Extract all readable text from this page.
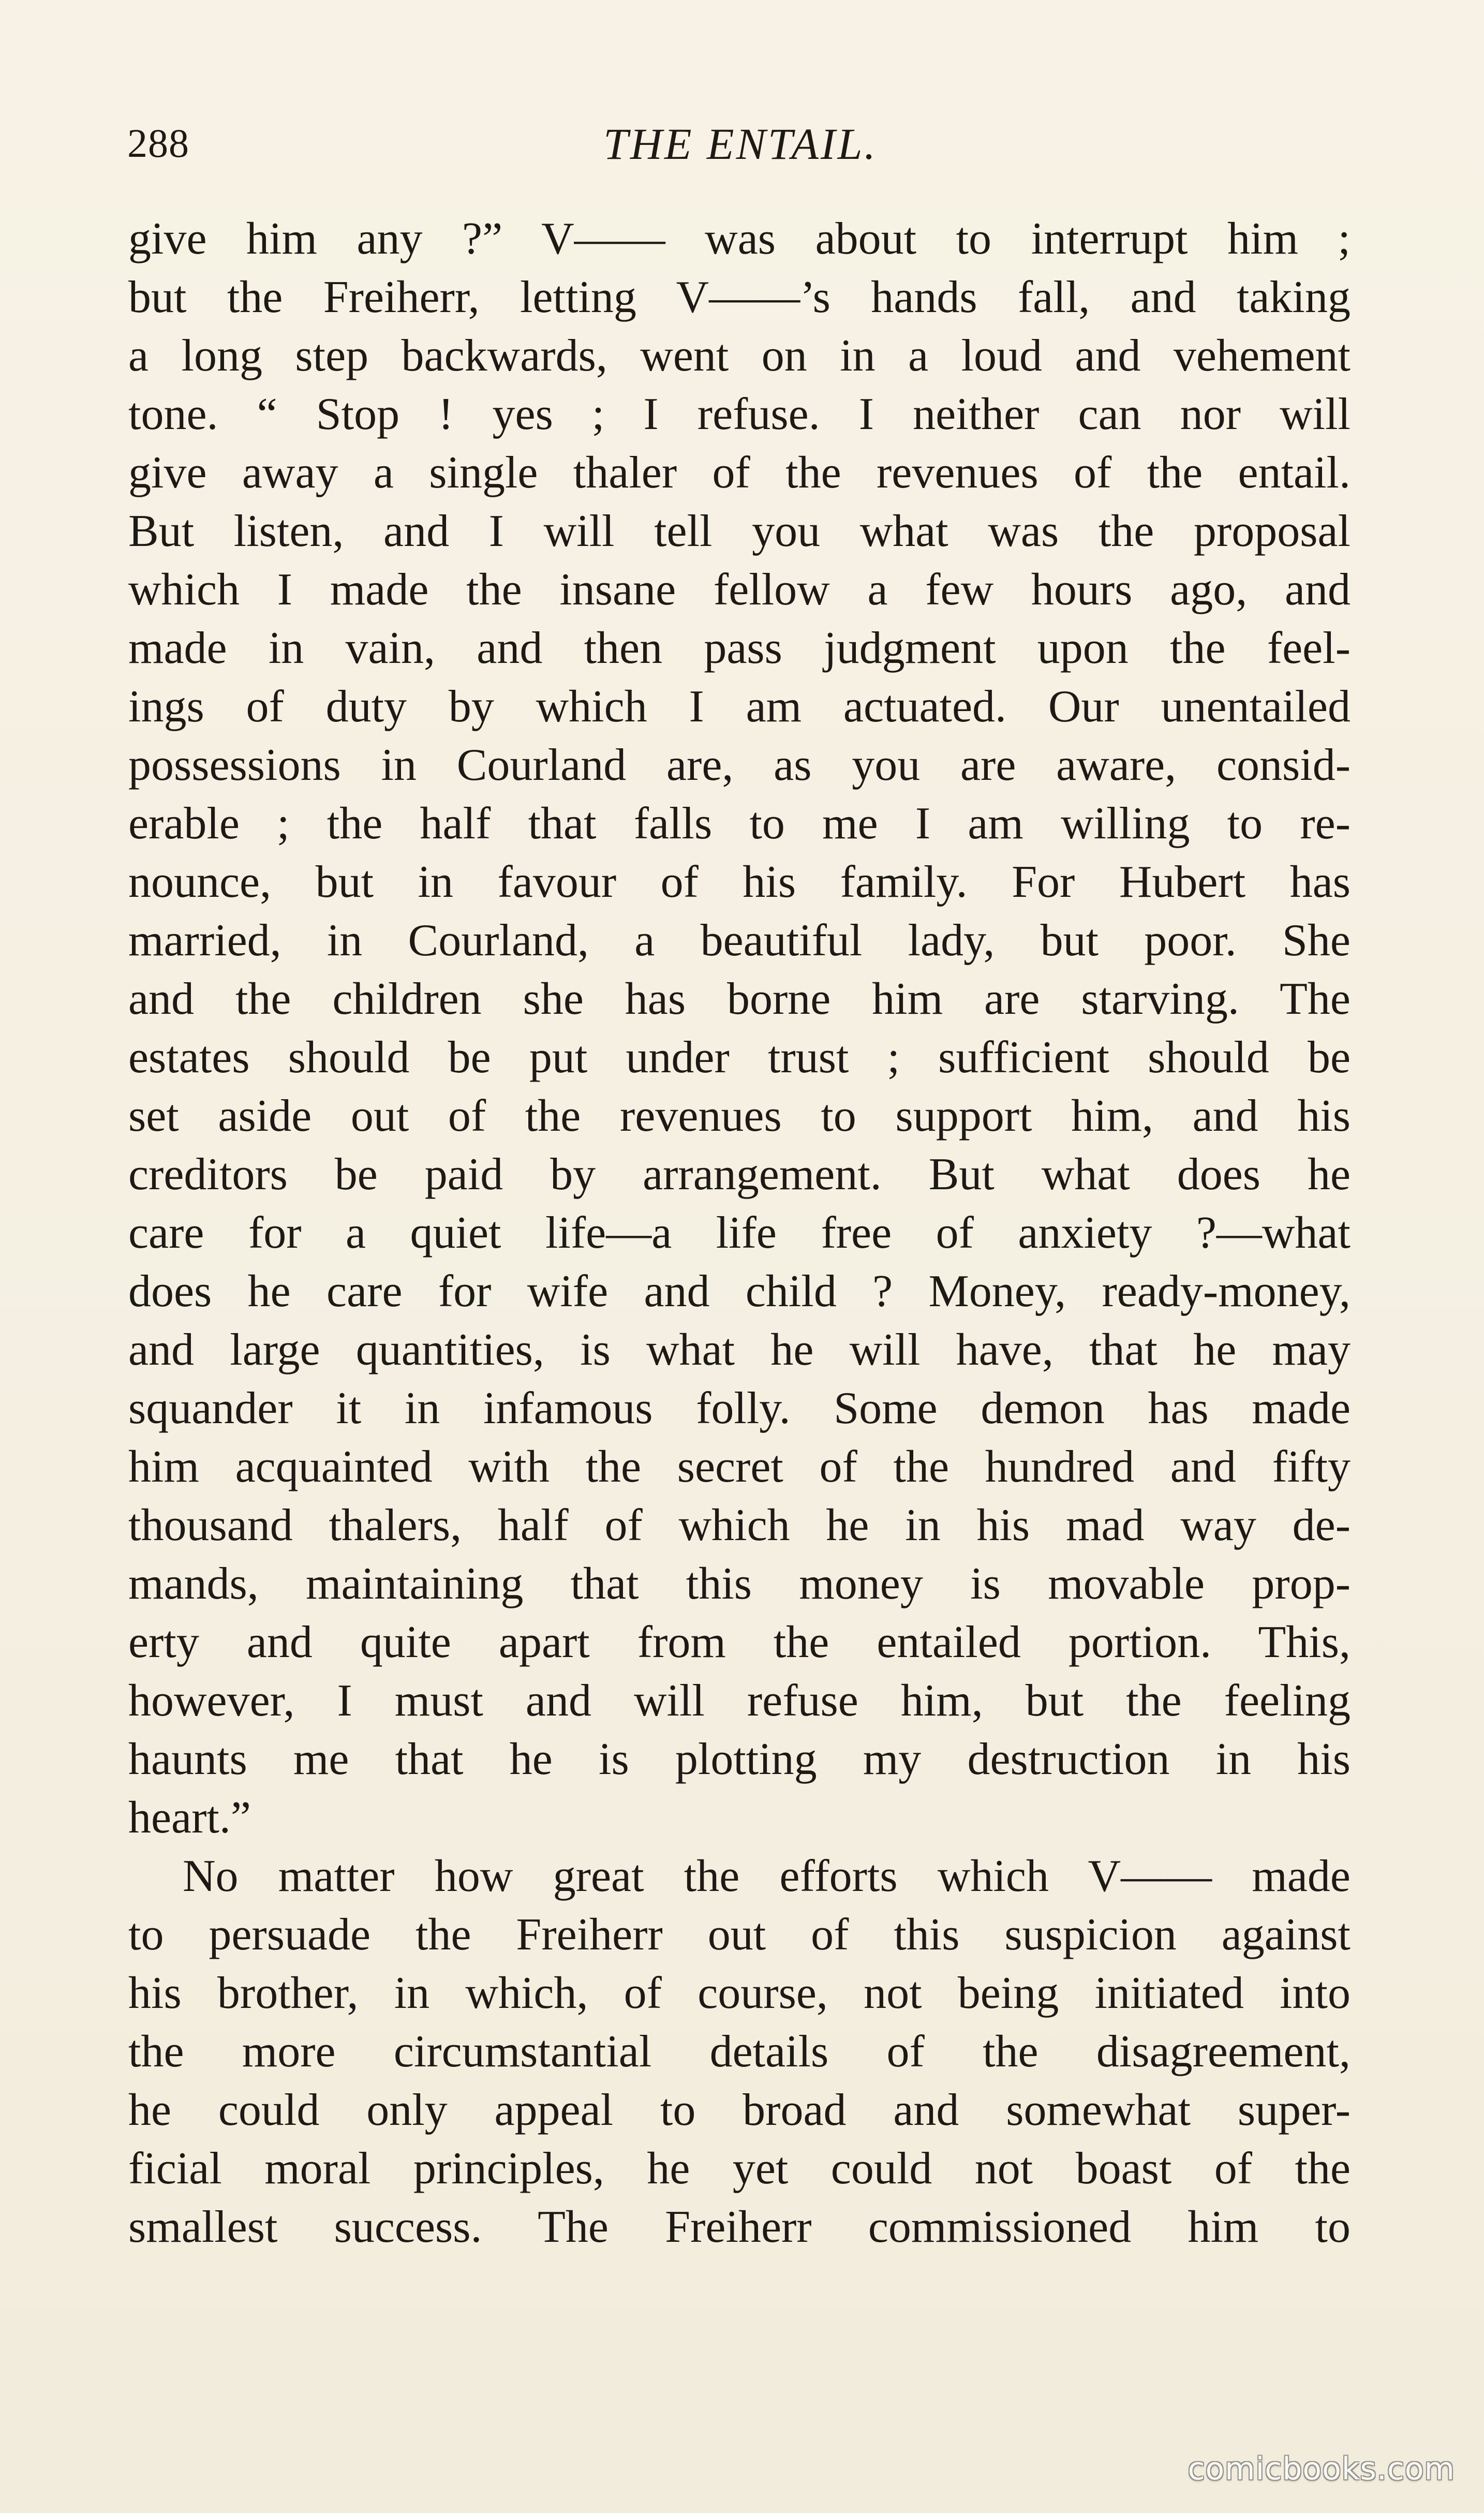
288	THE ENTAIL.
give him any ?” V—— was about to interrupt him ;
but the Freiherr, letting V——’s hands fall, and taking
a long step backwards, went on in a loud and vehement
tone. “ Stop ! yes ; I refuse. I neither can nor will
give away a single thaler of the revenues of the entail.
But listen, and I will tell you what was the proposal
which I made the insane fellow a few hours ago, and
made in vain, and then pass judgment upon the feel-
ings of duty by which I am actuated. Our unentailed
possessions in Courland are, as you are aware, consid-
erable ; the half that falls to me I am willing to re-
nounce, but in favour of his family. For Hubert has
married, in Courland, a beautiful lady, but poor. She
and the children she has borne him are starving. The
estates should be put under trust ; sufficient should be
set aside out of the revenues to support him, and his
creditors be paid by arrangement. But what does he
care for a quiet life—a life free of anxiety ?—what
does he care for wife and child ? Money, ready-money,
and large quantities, is what he will have, that he may
squander it in infamous folly. Some demon has made
him acquainted with the secret of the hundred and fifty
thousand thalers, half of which he in his mad way de-
mands, maintaining that this money is movable prop-
erty and quite apart from the entailed portion. This,
however, I must and will refuse him, but the feeling
haunts me that he is plotting my destruction in his
heart.”
No matter how great the efforts which V—— made
to persuade the Freiherr out of this suspicion against
his brother, in which, of course, not being initiated into
the more circumstantial details of the disagreement,
he could only appeal to broad and somewhat super-
ficial moral principles, he yet could not boast of the
smallest success. The Freiherr commissioned him to
comicbooks.com
